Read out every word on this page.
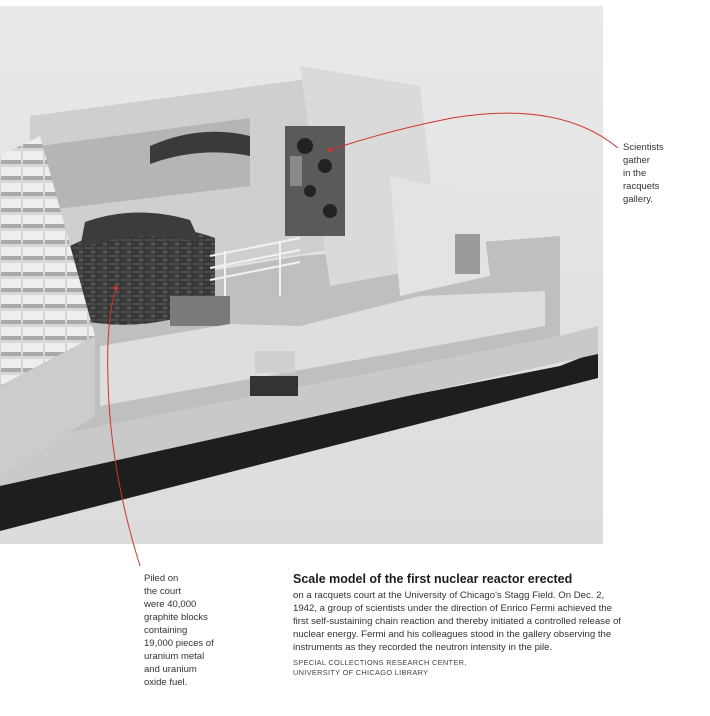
Scientists
gather
in the
racquets
gallery.
Piled on
the court
were 40,000
graphite blocks
containing
19,000 pieces of
uranium metal
and uranium
oxide fuel.
Scale model of the first nuclear reactor erected

on a racquets court at the University of Chicago's Stagg Field. On Dec. 2, 1942, a group of scientists under the direction of Enrico Fermi achieved the first self-sustaining chain reaction and thereby initiated a controlled release of nuclear energy. Fermi and his colleagues stood in the gallery observing the instruments as they recorded the neutron intensity in the pile.

SPECIAL COLLECTIONS RESEARCH CENTER,
UNIVERSITY OF CHICAGO LIBRARY
